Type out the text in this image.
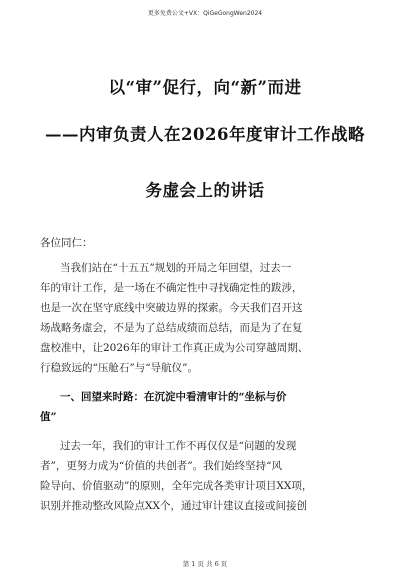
更多免费公文+VX：QiGeGongWen2024
以“审”促行，向“新”而进
——内审负责人在2026年度审计工作战略
务虚会上的讲话
各位同仁：
当我们站在“十五五”规划的开局之年回望，过去一
年的审计工作，是一场在不确定性中寻找确定性的跋涉，
也是一次在坚守底线中突破边界的探索。今天我们召开这
场战略务虚会，不是为了总结成绩而总结，而是为了在复
盘校准中，让2026年的审计工作真正成为公司穿越周期、
行稳致远的“压舱石”与“导航仪”。
一、回望来时路：在沉淀中看清审计的“坐标与价
值”
过去一年，我们的审计工作不再仅仅是“问题的发现
者”，更努力成为“价值的共创者”。我们始终坚持“风
险导向、价值驱动”的原则，全年完成各类审计项目XX项，
识别并推动整改风险点XX个，通过审计建议直接或间接创
第 1 页 共 6 页
